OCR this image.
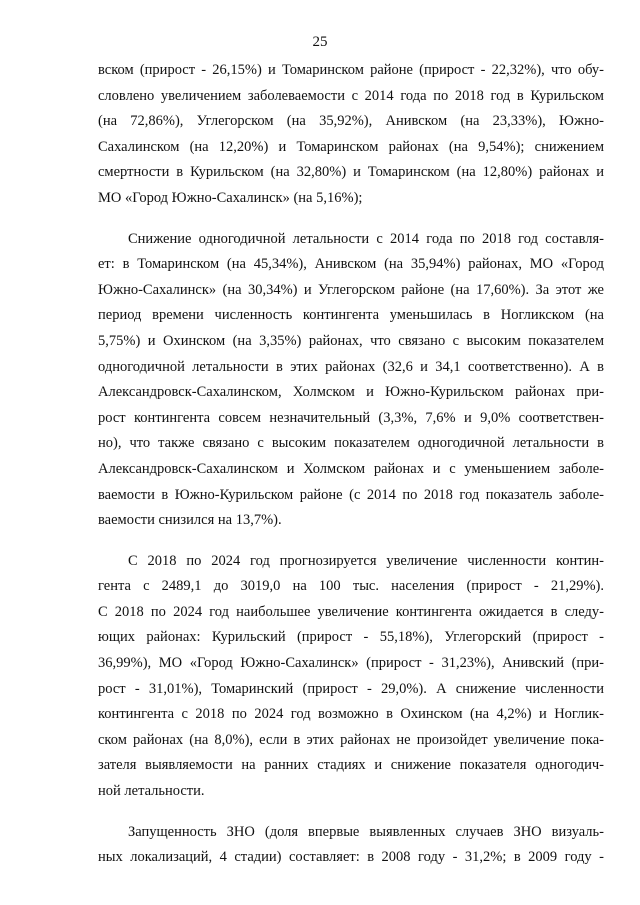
25

вском (прирост - 26,15%) и Томаринском районе (прирост - 22,32%), что обу-
словлено увеличением заболеваемости с 2014 года по 2018 год в Курильском
(на 72,86%), Углегорском (на 35,92%), Анивском (на 23,33%), Южно-
Сахалинском (на 12,20%) и Томаринском районах (на 9,54%); снижением
смертности в Курильском (на 32,80%) и Томаринском (на 12,80%) районах и
МО «Город Южно-Сахалинск» (на 5,16%);

Снижение одногодичной летальности с 2014 года по 2018 год составля-
ет: в Томаринском (на 45,34%), Анивском (на 35,94%) районах, МО «Город
Южно-Сахалинск» (на 30,34%) и Углегорском районе (на 17,60%). За этот же
период времени численность контингента уменьшилась в Ногликском (на
5,75%) и Охинском (на 3,35%) районах, что связано с высоким показателем
одногодичной летальности в этих районах (32,6 и 34,1 соответственно). А в
Александровск-Сахалинском, Холмском и Южно-Курильском районах при-
рост контингента совсем незначительный (3,3%, 7,6% и 9,0% соответствен-
но), что также связано с высоким показателем одногодичной летальности в
Александровск-Сахалинском и Холмском районах и с уменьшением заболе-
ваемости в Южно-Курильском районе (с 2014 по 2018 год показатель заболе-
ваемости снизился на 13,7%).

С 2018 по 2024 год прогнозируется увеличение численности контин-
гента с 2489,1 до 3019,0 на 100 тыс. населения (прирост - 21,29%).
С 2018 по 2024 год наибольшее увеличение контингента ожидается в следу-
ющих районах: Курильский (прирост - 55,18%), Углегорский (прирост -
36,99%), МО «Город Южно-Сахалинск» (прирост - 31,23%), Анивский (при-
рост - 31,01%), Томаринский (прирост - 29,0%). А снижение численности
контингента с 2018 по 2024 год возможно в Охинском (на 4,2%) и Ноглик-
ском районах (на 8,0%), если в этих районах не произойдет увеличение пока-
зателя выявляемости на ранних стадиях и снижение показателя одногодич-
ной летальности.

Запущенность ЗНО (доля впервые выявленных случаев ЗНО визуаль-
ных локализаций, 4 стадии) составляет: в 2008 году - 31,2%; в 2009 году -
